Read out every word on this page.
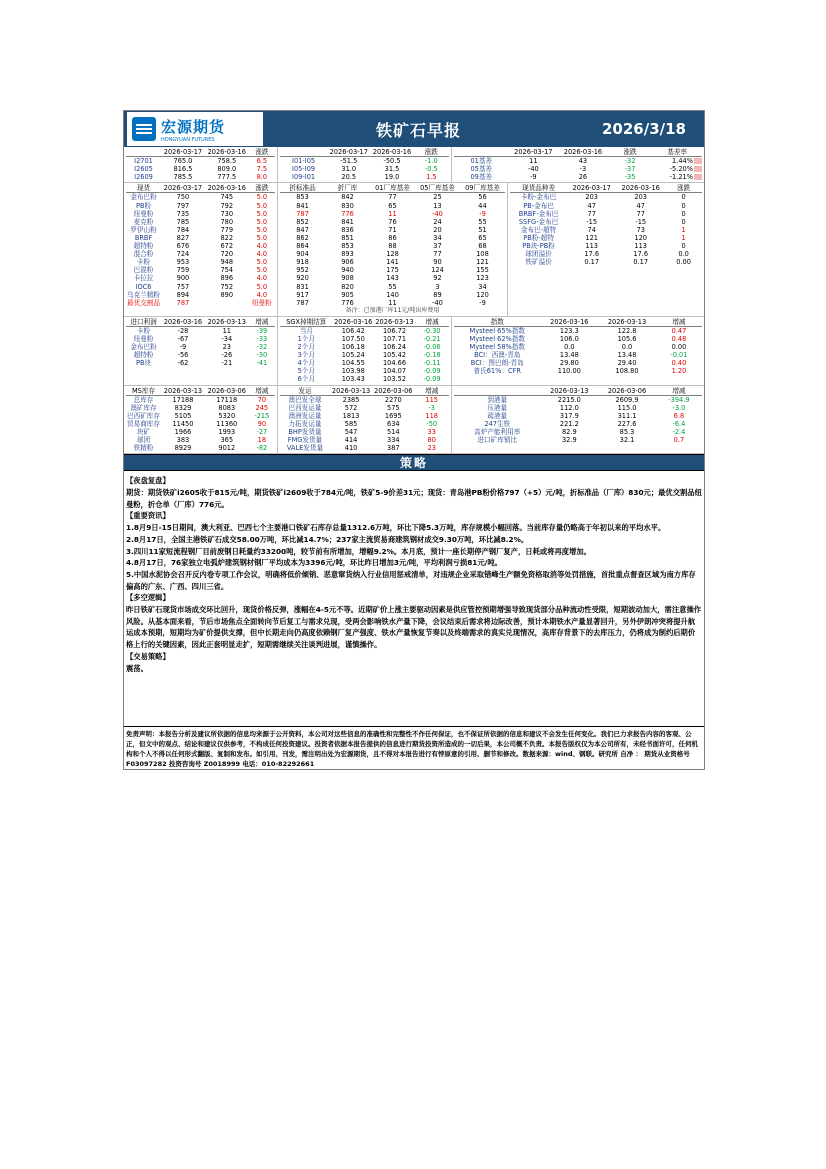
宏源期货
HONGYUAN FUTURES	铁矿石早报	2026/3/18
	2026-03-17	2026-03-16	涨跌
I2701	765.0	758.5	6.5
I2605	816.5	809.0	7.5
I2609	785.5	777.5	8.0
	2026-03-17	2026-03-16	涨跌
I01-I05	-51.5	-50.5	-1.0
I05-I09	31.0	31.5	-0.5
I09-I01	20.5	19.0	1.5
	2026-03-17	2026-03-16	涨跌	基差率
01基差	11	43	-32	1.44%
05基差	-40	-3	-37	-5.20%
09基差	-9	26	-35	-1.21%
现货	2026-03-17	2026-03-16	涨跌
金布巴粉	750	745	5.0
PB粉	797	792	5.0
纽曼粉	735	730	5.0
麦克粉	785	780	5.0
罗伊山粉	784	779	5.0
BRBF	827	822	5.0
超特粉	676	672	4.0
混合粉	724	720	4.0
卡粉	953	948	5.0
巴混粉	759	754	5.0
卡拉拉	900	896	4.0
IOC6	757	752	5.0
乌克兰精粉	894	890	4.0
最优交割品	787		纽曼粉
折标准品	折厂库	01厂库基差	05厂库基差	09厂库基差
853	842	77	25	56
841	830	65	13	44
787	776	11	-40	-9
852	841	76	24	55
847	836	71	20	51
862	851	86	34	65
864	853	88	37	68
904	893	128	77	108
918	906	141	90	121
952	940	175	124	155
920	908	143	92	123
831	820	55	3	34
917	905	140	89	120
787	776	11	-40	-9
备注：已加港厂库11元/吨出库费用
现货品种差	2026-03-17	2026-03-16	涨跌
卡粉-金布巴	203	203	0
PB-金布巴	47	47	0
BRBF-金布巴	77	77	0
SSFG-金布巴	-15	-15	0
金布巴-超特	74	73	1
PB粉-超特	121	120	1
PB块-PB粉	113	113	0
球团溢价	17.6	17.6	0.0
铁矿溢价	0.17	0.17	0.00
进口利润	2026-03-16	2026-03-13	增减
卡粉	-28	11	-39
纽曼粉	-67	-34	-33
金布巴粉	-9	23	-32
超特粉	-56	-26	-30
PB块	-62	-21	-41
SGX掉期结算	2026-03-16	2026-03-13	增减
当月	106.42	106.72	-0.30
1个月	107.50	107.71	-0.21
2个月	106.18	106.24	-0.06
3个月	105.24	105.42	-0.18
4个月	104.55	104.66	-0.11
5个月	103.98	104.07	-0.09
6个月	103.43	103.52	-0.09
指数	2026-03-16	2026-03-13	增减
Mysteel 65%指数	123.3	122.8	0.47
Mysteel 62%指数	106.0	105.6	0.48
Mysteel 58%指数	0.0	0.0	0.00
BCI：西澳-青岛	13.48	13.48	-0.01
BCI：图巴朗-青岛	29.80	29.40	0.40
普氏61%：CFR	110.00	108.80	1.20
MS库存	2026-03-13	2026-03-06	增减
总库存	17188	17118	70
澳矿库存	8329	8083	245
巴西矿库存	5105	5320	-215
贸易商库存	11450	11360	90
块矿	1966	1993	-27
球团	383	365	18
铁精粉	8929	9012	-82
发运	2026-03-13	2026-03-06	增减
澳巴发全球	2385	2270	115
巴西发运量	572	575	-3
澳洲发运量	1813	1695	118
力拓发运量	585	634	-50
BHP发货量	547	514	33
FMG发货量	414	334	80
VALE发货量	410	387	23
	2026-03-13	2026-03-06	增减
到港量	2215.0	2609.9	-394.9
压港量	112.0	115.0	-3.0
疏港量	317.9	311.1	6.8
247生铁	221.2	227.6	-6.4
高炉产能利用率	82.9	85.3	-2.4
进口矿库销比	32.9	32.1	0.7
策略
【夜盘复盘】
期货：期货铁矿i2605收于815元/吨，期货铁矿i2609收于784元/吨，铁矿5-9价差31元；现货：青岛港PB粉价格797（+5）元/吨，折标准品（厂库）830元；最优交割品纽曼粉，折仓单（厂库）776元。
【重要资讯】
1.8月9日-15日期间，澳大利亚、巴西七个主要港口铁矿石库存总量1312.6万吨，环比下降5.3万吨，库存规模小幅回落。当前库存量仍略高于年初以来的平均水平。
2.8月17日，全国主港铁矿石成交58.00万吨，环比减14.7%；237家主流贸易商建筑钢材成交9.30万吨，环比减8.2%。
3.四川11家短流程钢厂目前废钢日耗量约33200吨，较节前有所增加，增幅9.2%。本月底，预计一座长期停产钢厂复产，日耗或将再度增加。
4.8月17日，76家独立电弧炉建筑钢材钢厂平均成本为3396元/吨，环比昨日增加3元/吨，平均利润亏损81元/吨。
5.中国水泥协会召开反内卷专项工作会议，明确将低价倾销、恶意窜货纳入行业信用惩戒清单，对违规企业采取错峰生产额免资格取消等处罚措施，首批重点督查区域为南方库存偏高的广东、广西、四川三省。
【多空逻辑】
昨日铁矿石现货市场成交环比回升，现货价格反弹，涨幅在4-5元不等。近期矿价上涨主要驱动因素是供应管控预期增强导致现货部分品种流动性受限，短期波动加大，需注意操作风险。从基本面来看，节后市场焦点全面转向节后复工与需求兑现，受两会影响铁水产量下降，会议结束后需求将边际改善，预计本期铁水产量显著回升，另外伊朗冲突将提升航运成本预期，短期均为矿价提供支撑，但中长期走向仍高度依赖钢厂复产强度、铁水产量恢复节奏以及终端需求的真实兑现情况，高库存背景下的去库压力，仍将成为制约后期价格上行的关键因素，因此正套明显走扩，短期需继续关注谈判进展，谨慎操作。
【交易策略】
震荡。
免责声明：本报告分析及建议所依据的信息均来源于公开资料，本公司对这些信息的准确性和完整性不作任何保证，也不保证所依据的信息和建议不会发生任何变化。我们已力求报告内容的客观、公正，但文中的观点、结论和建议仅供参考，不构成任何投资建议。投资者依据本报告提供的信息进行期货投资所造成的一切后果，本公司概不负责。本报告版权仅为本公司所有，未经书面许可，任何机构和个人不得以任何形式翻版、复制和发布。如引用、刊发，需注明出处为宏源期货，且不得对本报告进行有悖原意的引用、删节和修改。数据来源：wind、钢联。研究所 自净 ： 期货从业资格号F03097282 投资咨询号 Z0018999 电话：010-82292661
